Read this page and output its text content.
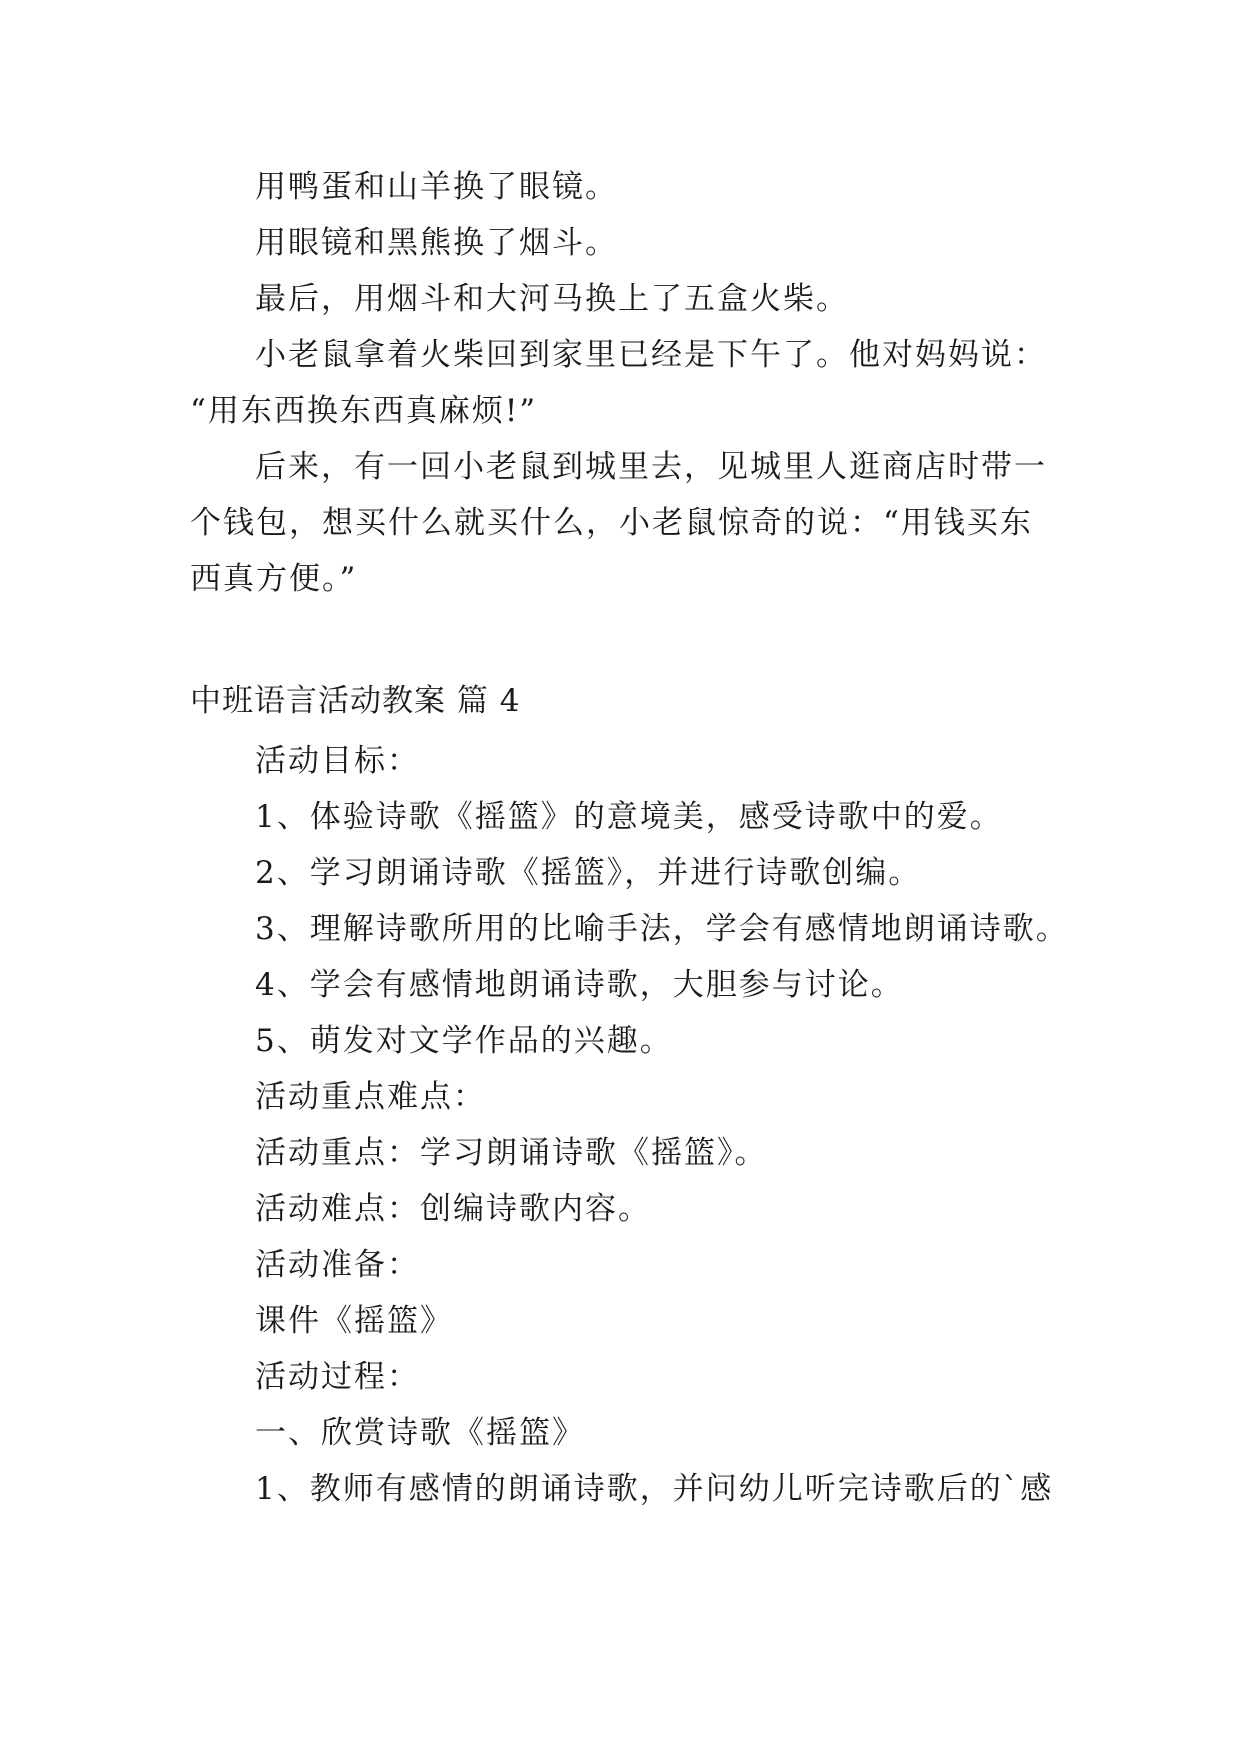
用鸭蛋和山羊换了眼镜。
用眼镜和黑熊换了烟斗。
最后，用烟斗和大河马换上了五盒火柴。
小老鼠拿着火柴回到家里已经是下午了。他对妈妈说：
“用东西换东西真麻烦!”
后来，有一回小老鼠到城里去，见城里人逛商店时带一
个钱包，想买什么就买什么，小老鼠惊奇的说：“用钱买东
西真方便。”
中班语言活动教案 篇 4
活动目标：
1、体验诗歌《摇篮》的意境美，感受诗歌中的爱。
2、学习朗诵诗歌《摇篮》，并进行诗歌创编。
3、理解诗歌所用的比喻手法，学会有感情地朗诵诗歌。
4、学会有感情地朗诵诗歌，大胆参与讨论。
5、萌发对文学作品的兴趣。
活动重点难点：
活动重点：学习朗诵诗歌《摇篮》。
活动难点：创编诗歌内容。
活动准备：
课件《摇篮》
活动过程：
一、欣赏诗歌《摇篮》
1、教师有感情的朗诵诗歌，并问幼儿听完诗歌后的`感
